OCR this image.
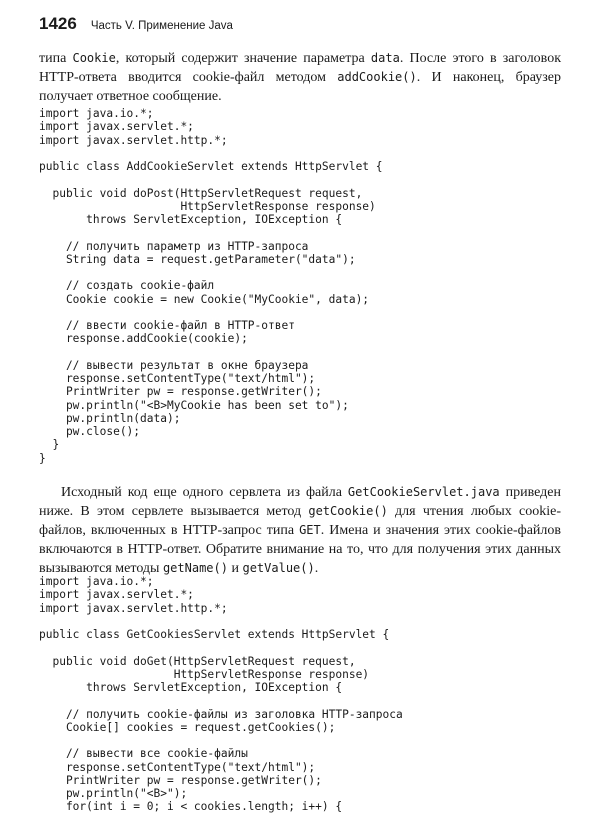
1426 Часть V. Применение Java

типа Cookie, который содержит значение параметра data. После этого в заголовок HTTP-ответа вводится cookie-файл методом addCookie(). И наконец, браузер получает ответное сообщение.

import java.io.*;
import javax.servlet.*;
import javax.servlet.http.*;
public class AddCookieServlet extends HttpServlet {
public void doPost(HttpServletRequest request,
HttpServletResponse response)
throws ServletException, IOException {
// получить параметр из HTTP-запроса
String data = request.getParameter("data");
// создать cookie-файл
Cookie cookie = new Cookie("MyCookie", data);
// ввести cookie-файл в HTTP-ответ
response.addCookie(cookie);
// вывести результат в окне браузера
response.setContentType("text/html");
PrintWriter pw = response.getWriter();
pw.println("<B>MyCookie has been set to");
pw.println(data);
pw.close();
}
}

Исходный код еще одного сервлета из файла GetCookieServlet.java приведен ниже. В этом сервлете вызывается метод getCookie() для чтения любых cookie-файлов, включенных в HTTP-запрос типа GET. Имена и значения этих cookie-файлов включаются в HTTP-ответ. Обратите внимание на то, что для получения этих данных вызываются методы getName() и getValue().

import java.io.*;
import javax.servlet.*;
import javax.servlet.http.*;
public class GetCookiesServlet extends HttpServlet {
public void doGet(HttpServletRequest request,
HttpServletResponse response)
throws ServletException, IOException {
// получить cookie-файлы из заголовка HTTP-запроса
Cookie[] cookies = request.getCookies();
// вывести все cookie-файлы
response.setContentType("text/html");
PrintWriter pw = response.getWriter();
pw.println("<B>");
for(int i = 0; i < cookies.length; i++) {
